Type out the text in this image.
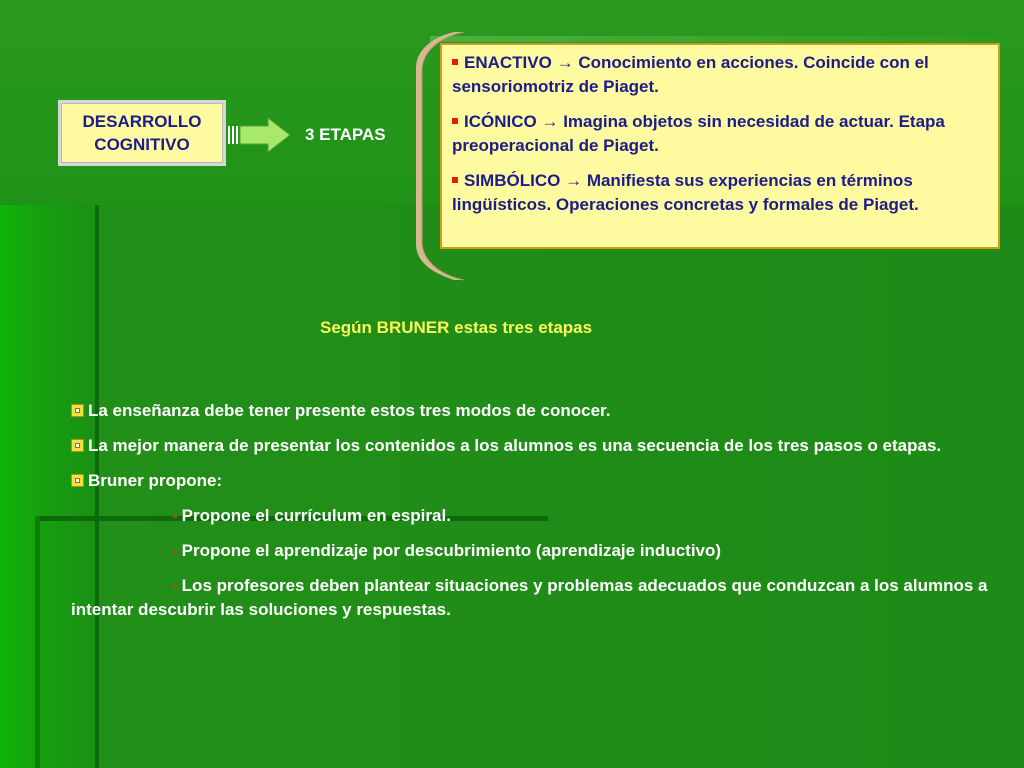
DESARROLLO
COGNITIVO
3 ETAPAS

ENACTIVO → Conocimiento en acciones. Coincide con el sensoriomotriz de Piaget.

ICÓNICO → Imagina objetos sin necesidad de actuar. Etapa preoperacional de Piaget.

SIMBÓLICO → Manifiesta sus experiencias en términos lingüísticos. Operaciones concretas y formales de Piaget.

Según BRUNER estas tres etapas

La enseñanza debe tener presente estos tres modos de conocer.

La mejor manera de presentar los contenidos a los alumnos es una secuencia de los tres pasos o etapas.

Bruner propone:

- Propone el currículum en espiral.

- Propone el aprendizaje por descubrimiento (aprendizaje inductivo)

- Los profesores deben plantear situaciones y problemas adecuados que conduzcan a los alumnos a intentar descubrir las soluciones y respuestas.
